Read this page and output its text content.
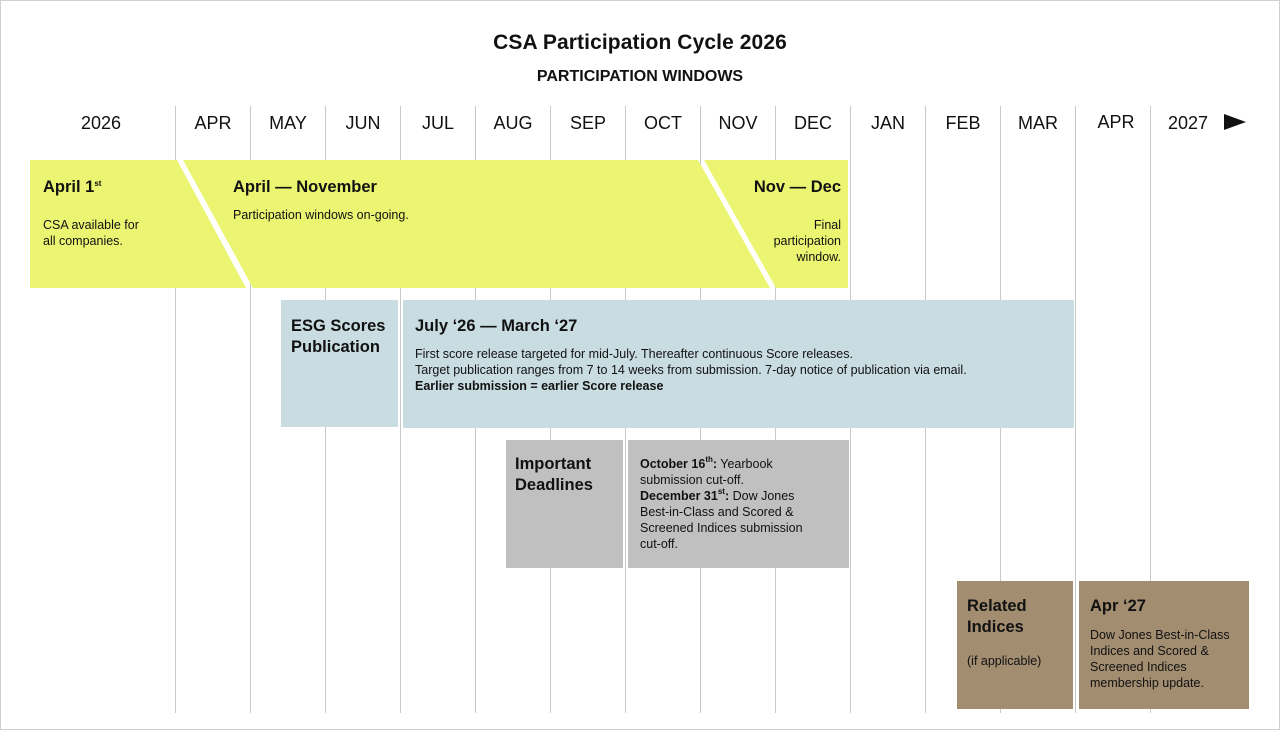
CSA Participation Cycle 2026
PARTICIPATION WINDOWS
2026	APR	MAY	JUN	JUL	AUG	SEP	OCT	NOV	DEC	JAN	FEB	MAR	APR	2027
April 1st
CSA available for
all companies.
April — November
Participation windows on-going.
Nov — Dec
Final
participation
window.
ESG Scores
Publication
July ‘26 — March ‘27
First score release targeted for mid-July. Thereafter continuous Score releases.
Target publication ranges from 7 to 14 weeks from submission. 7-day notice of publication via email.
Earlier submission = earlier Score release
Important
Deadlines
October 16th: Yearbook
submission cut-off.
December 31st: Dow Jones
Best-in-Class and Scored &
Screened Indices submission
cut-off.
Related
Indices
(if applicable)
Apr ‘27
Dow Jones Best-in-Class
Indices and Scored &
Screened Indices
membership update.
